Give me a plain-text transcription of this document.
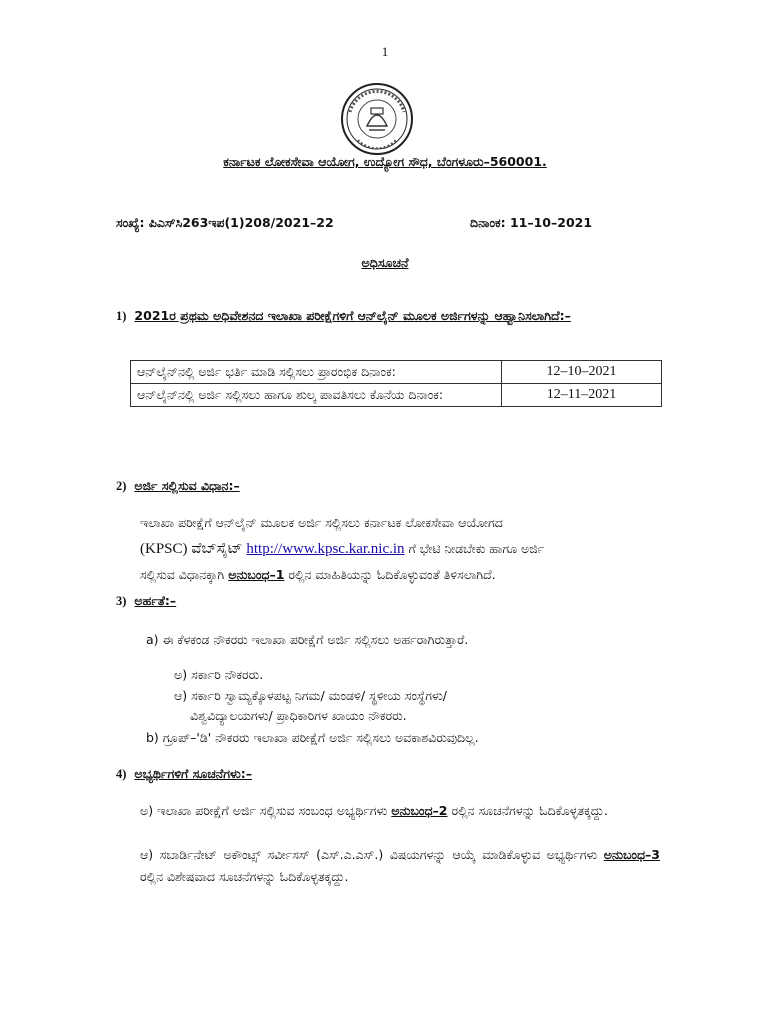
1
ಕರ್ನಾಟಕ ಲೋಕಸೇವಾ ಆಯೋಗ, ಉದ್ಯೋಗ ಸೌಧ, ಬೆಂಗಳೂರು–560001.
ಸಂಖ್ಯೆ: ಪಿಎಸ್‌ಸಿ263ಇಪ(1)208/2021–22	ದಿನಾಂಕ: 11–10–2021
ಅಧಿಸೂಚನೆ
1) 2021ರ ಪ್ರಥಮ ಅಧಿವೇಶನದ ಇಲಾಖಾ ಪರೀಕ್ಷೆಗಳಿಗೆ ಆನ್‌ಲೈನ್ ಮೂಲಕ ಅರ್ಜಿಗಳನ್ನು ಆಹ್ವಾನಿಸಲಾಗಿದೆ:–
ಆನ್‌ಲೈನ್‌ನಲ್ಲಿ ಅರ್ಜಿ ಭರ್ತಿ ಮಾಡಿ ಸಲ್ಲಿಸಲು ಪ್ರಾರಂಭಿಕ ದಿನಾಂಕ:	12–10–2021
ಆನ್‌ಲೈನ್‌ನಲ್ಲಿ ಅರ್ಜಿ ಸಲ್ಲಿಸಲು ಹಾಗೂ ಶುಲ್ಕ ಪಾವತಿಸಲು ಕೊನೆಯ ದಿನಾಂಕ:	12–11–2021
2) ಅರ್ಜಿ ಸಲ್ಲಿಸುವ ವಿಧಾನ:–
ಇಲಾಖಾ ಪರೀಕ್ಷೆಗೆ ಆನ್‌ಲೈನ್ ಮೂಲಕ ಅರ್ಜಿ ಸಲ್ಲಿಸಲು ಕರ್ನಾಟಕ ಲೋಕಸೇವಾ ಆಯೋಗದ
(KPSC) ವೆಬ್‌ಸೈಟ್ http://www.kpsc.kar.nic.in ಗೆ ಭೇಟಿ ನೀಡಬೇಕು ಹಾಗೂ ಅರ್ಜಿ
ಸಲ್ಲಿಸುವ ವಿಧಾನಕ್ಕಾಗಿ ಅನುಬಂಧ–1 ರಲ್ಲಿನ ಮಾಹಿತಿಯನ್ನು ಓದಿಕೊಳ್ಳುವಂತೆ ತಿಳಿಸಲಾಗಿದೆ.
3) ಅರ್ಹತೆ:–
a) ಈ ಕೆಳಕಂಡ ನೌಕರರು ಇಲಾಖಾ ಪರೀಕ್ಷೆಗೆ ಅರ್ಜಿ ಸಲ್ಲಿಸಲು ಅರ್ಹರಾಗಿರುತ್ತಾರೆ.
ಅ) ಸರ್ಕಾರಿ ನೌಕರರು.
ಆ) ಸರ್ಕಾರಿ ಸ್ವಾಮ್ಯಕ್ಕೊಳಪಟ್ಟ ನಿಗಮ/ ಮಂಡಳಿ/ ಸ್ಥಳೀಯ ಸಂಸ್ಥೆಗಳು/
ವಿಶ್ವವಿದ್ಯಾಲಯಗಳು/ ಪ್ರಾಧಿಕಾರಿಗಳ ಖಾಯಂ ನೌಕರರು.
b) ಗ್ರೂಪ್–'ಡಿ' ನೌಕರರು ಇಲಾಖಾ ಪರೀಕ್ಷೆಗೆ ಅರ್ಜಿ ಸಲ್ಲಿಸಲು ಅವಕಾಶವಿರುವುದಿಲ್ಲ.
4) ಅಭ್ಯರ್ಥಿಗಳಿಗೆ ಸೂಚನೆಗಳು:–
ಅ) ಇಲಾಖಾ ಪರೀಕ್ಷೆಗೆ ಅರ್ಜಿ ಸಲ್ಲಿಸುವ ಸಂಬಂಧ ಅಭ್ಯರ್ಥಿಗಳು ಅನುಬಂಧ–2 ರಲ್ಲಿನ ಸೂಚನೆಗಳನ್ನು ಓದಿಕೊಳ್ಳತಕ್ಕದ್ದು.
ಆ) ಸಬಾರ್ಡಿನೇಟ್ ಅಕೌಂಟ್ಸ್ ಸರ್ವೀಸಸ್ (ಎಸ್.ಎ.ಎಸ್.) ವಿಷಯಗಳನ್ನು ಆಯ್ಕೆ ಮಾಡಿಕೊಳ್ಳುವ ಅಭ್ಯರ್ಥಿಗಳು ಅನುಬಂಧ–3 ರಲ್ಲಿನ ವಿಶೇಷವಾದ ಸೂಚನೆಗಳನ್ನು ಓದಿಕೊಳ್ಳತಕ್ಕದ್ದು.
